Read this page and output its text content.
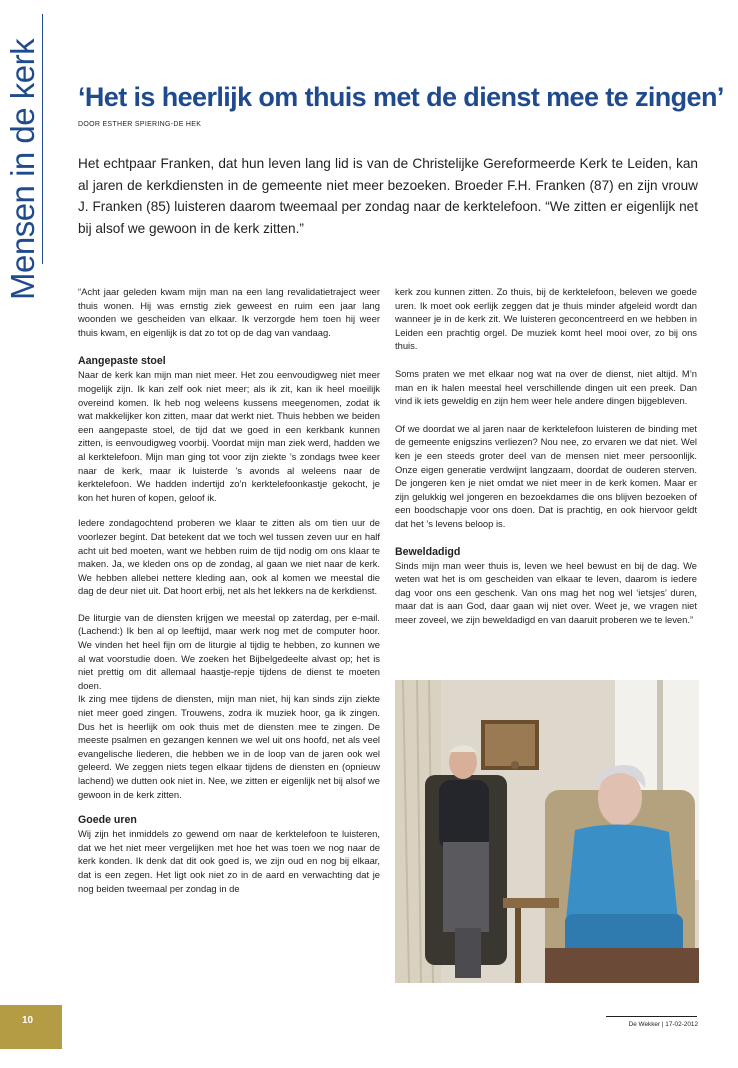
Mensen in de kerk ‘Het is heerlijk om thuis met de dienst mee te zingen’
DOOR ESTHER SPIERING-DE HEK
Het echtpaar Franken, dat hun leven lang lid is van de Christelijke Gereformeerde Kerk te Leiden, kan al jaren de kerkdiensten in de gemeente niet meer bezoeken. Broeder F.H. Franken (87) en zijn vrouw J. Franken (85) luisteren daarom tweemaal per zondag naar de kerktelefoon. “We zitten er eigenlijk net bij alsof we gewoon in de kerk zitten.”

“Acht jaar geleden kwam mijn man na een lang revalidatietraject weer thuis wonen. Hij was ernstig ziek geweest en ruim een jaar lang woonden we gescheiden van elkaar. Ik verzorgde hem toen hij weer thuis kwam, en eigenlijk is dat zo tot op de dag van vandaag.

Aangepaste stoel

Naar de kerk kan mijn man niet meer. Het zou eenvoudigweg niet meer mogelijk zijn. Ik kan zelf ook niet meer; als ik zit, kan ik heel moeilijk overeind komen. Ik heb nog weleens kussens meegenomen, zodat ik wat makkelijker kon zitten, maar dat werkt niet. Thuis hebben we beiden een aangepaste stoel, de tijd dat we goed in een kerkbank kunnen zitten, is eenvoudigweg voorbij. Voordat mijn man ziek werd, hadden we al kerktelefoon. Mijn man ging tot voor zijn ziekte ’s zondags twee keer naar de kerk, maar ik luisterde ’s avonds al weleens naar de kerktelefoon. We hadden indertijd zo’n kerktelefoonkastje gekocht, je kon het huren of kopen, geloof ik.

Iedere zondagochtend proberen we klaar te zitten als om tien uur de voorlezer begint. Dat betekent dat we toch wel tussen zeven uur en half acht uit bed moeten, want we hebben ruim de tijd nodig om ons klaar te maken. Ja, we kleden ons op de zondag, al gaan we niet naar de kerk. We hebben allebei nettere kleding aan, ook al komen we meestal die dag de deur niet uit. Dat hoort erbij, net als het lekkers na de kerkdienst.

De liturgie van de diensten krijgen we meestal op zaterdag, per e-mail. (Lachend:) Ik ben al op leeftijd, maar werk nog met de computer hoor. We vinden het heel fijn om de liturgie al tijdig te hebben, zo kunnen we al wat voorstudie doen. We zoeken het Bijbelgedeelte alvast op; het is niet prettig om dit allemaal haastje-repje tijdens de dienst te moeten doen.

Ik zing mee tijdens de diensten, mijn man niet, hij kan sinds zijn ziekte niet meer goed zingen. Trouwens, zodra ik muziek hoor, ga ik zingen. Dus het is heerlijk om ook thuis met de diensten mee te zingen. De meeste psalmen en gezangen kennen we wel uit ons hoofd, net als veel evangelische liederen, die hebben we in de loop van de jaren ook wel geleerd. We zeggen niets tegen elkaar tijdens de diensten en (opnieuw lachend) we dutten ook niet in. Nee, we zitten er eigenlijk net bij alsof we gewoon in de kerk zitten.

Goede uren

Wij zijn het inmiddels zo gewend om naar de kerktelefoon te luisteren, dat we het niet meer vergelijken met hoe het was toen we nog naar de kerk konden. Ik denk dat dit ook goed is, we zijn oud en nog bij elkaar, dat is een zegen. Het ligt ook niet zo in de aard en verwachting dat je nog beiden tweemaal per zondag in de

kerk zou kunnen zitten. Zo thuis, bij de kerktelefoon, beleven we goede uren. Ik moet ook eerlijk zeggen dat je thuis minder afgeleid wordt dan wanneer je in de kerk zit. We luisteren geconcentreerd en we hebben in Leiden een prachtig orgel. De muziek komt heel mooi over, zo bij ons thuis.

Soms praten we met elkaar nog wat na over de dienst, niet altijd. M’n man en ik halen meestal heel verschillende dingen uit een preek. Dan vind ik iets geweldig en zijn hem weer hele andere dingen bijgebleven.

Of we doordat we al jaren naar de kerktelefoon luisteren de binding met de gemeente enigszins verliezen? Nou nee, zo ervaren we dat niet. Wel ken je een steeds groter deel van de mensen niet meer persoonlijk. Onze eigen generatie verdwijnt langzaam, doordat de ouderen sterven. De jongeren ken je niet omdat we niet meer in de kerk komen. Maar er zijn gelukkig wel jongeren en bezoekdames die ons blijven bezoeken of een boodschapje voor ons doen. Dat is prachtig, en ook hiervoor geldt dat het ’s levens beloop is.

Beweldadigd

Sinds mijn man weer thuis is, leven we heel bewust en bij de dag. We weten wat het is om gescheiden van elkaar te leven, daarom is iedere dag voor ons een geschenk. Van ons mag het nog wel ‘ietsjes’ duren, maar dat is aan God, daar gaan wij niet over. Weet je, we vragen niet meer zoveel, we zijn beweldadigd en van daaruit proberen we te leven.”

10	De Wekker | 17-02-2012
